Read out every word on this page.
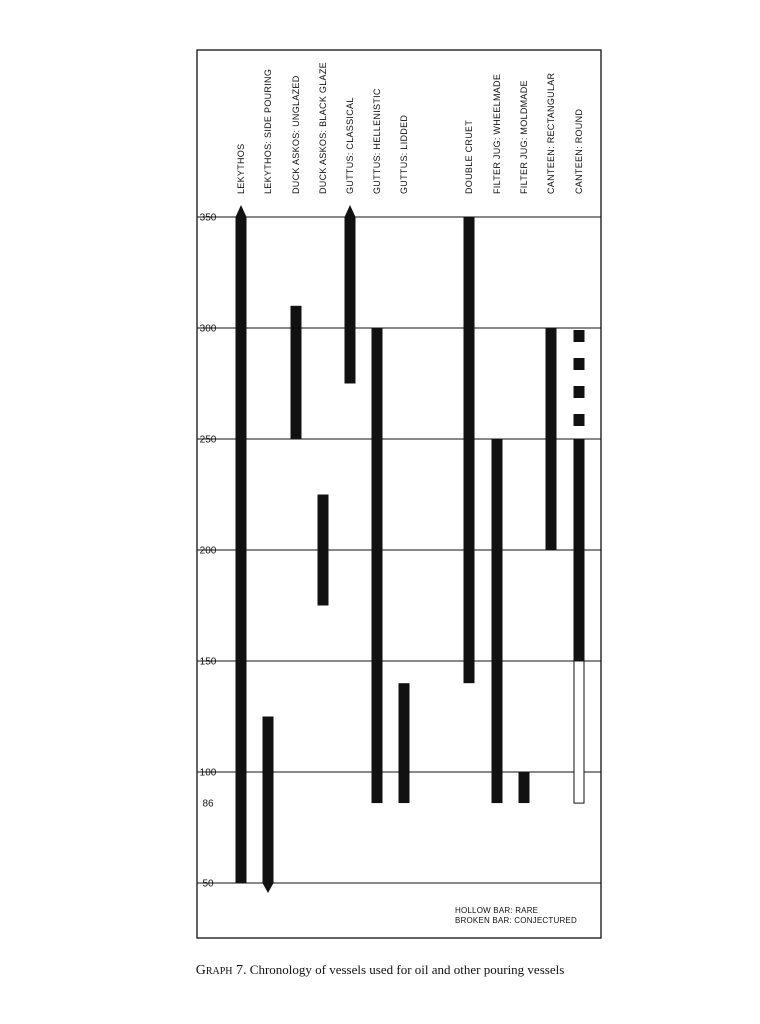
350
300
250
200
150
100
86
50
LEKYTHOS LEKYTHOS: SIDE POURING DUCK ASKOS: UNGLAZED DUCK ASKOS: BLACK GLAZE GUTTUS: CLASSICAL GUTTUS: HELLENISTIC GUTTUS: LIDDED	DOUBLE CRUET FILTER JUG: WHEELMADE FILTER JUG: MOLDMADE CANTEEN: RECTANGULAR CANTEEN: ROUND
HOLLOW BAR: RARE
BROKEN BAR: CONJECTURED
Graph 7. Chronology of vessels used for oil and other pouring vessels
